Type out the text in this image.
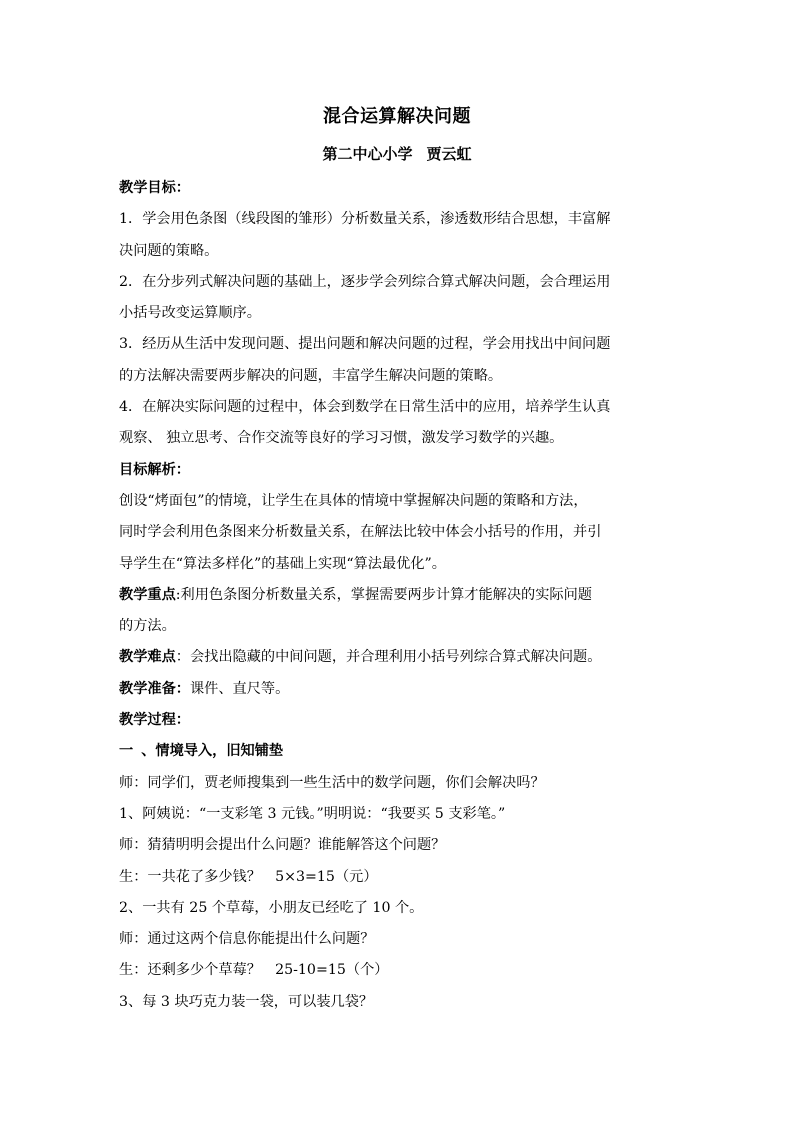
混合运算解决问题
第二中心小学 贾云虹
教学目标：
1．学会用色条图（线段图的雏形）分析数量关系，渗透数形结合思想，丰富解
决问题的策略。
2．在分步列式解决问题的基础上，逐步学会列综合算式解决问题，会合理运用
小括号改变运算顺序。
3．经历从生活中发现问题、提出问题和解决问题的过程，学会用找出中间问题
的方法解决需要两步解决的问题，丰富学生解决问题的策略。
4．在解决实际问题的过程中，体会到数学在日常生活中的应用，培养学生认真
观察、 独立思考、合作交流等良好的学习习惯，激发学习数学的兴趣。
目标解析：
创设“烤面包”的情境，让学生在具体的情境中掌握解决问题的策略和方法，
同时学会利用色条图来分析数量关系，在解法比较中体会小括号的作用，并引
导学生在“算法多样化”的基础上实现“算法最优化”。
教学重点:利用色条图分析数量关系，掌握需要两步计算才能解决的实际问题
的方法。
教学难点：会找出隐藏的中间问题，并合理利用小括号列综合算式解决问题。
教学准备：课件、直尺等。
教学过程：
一 、情境导入，旧知铺垫
师：同学们，贾老师搜集到一些生活中的数学问题，你们会解决吗？
1、阿姨说：“一支彩笔 3 元钱。”明明说：“我要买 5 支彩笔。”
师：猜猜明明会提出什么问题？谁能解答这个问题？
生：一共花了多少钱？　5×3=15（元）
2、一共有 25 个草莓，小朋友已经吃了 10 个。
师：通过这两个信息你能提出什么问题？
生：还剩多少个草莓？　25-10=15（个）
3、每 3 块巧克力装一袋，可以装几袋？
